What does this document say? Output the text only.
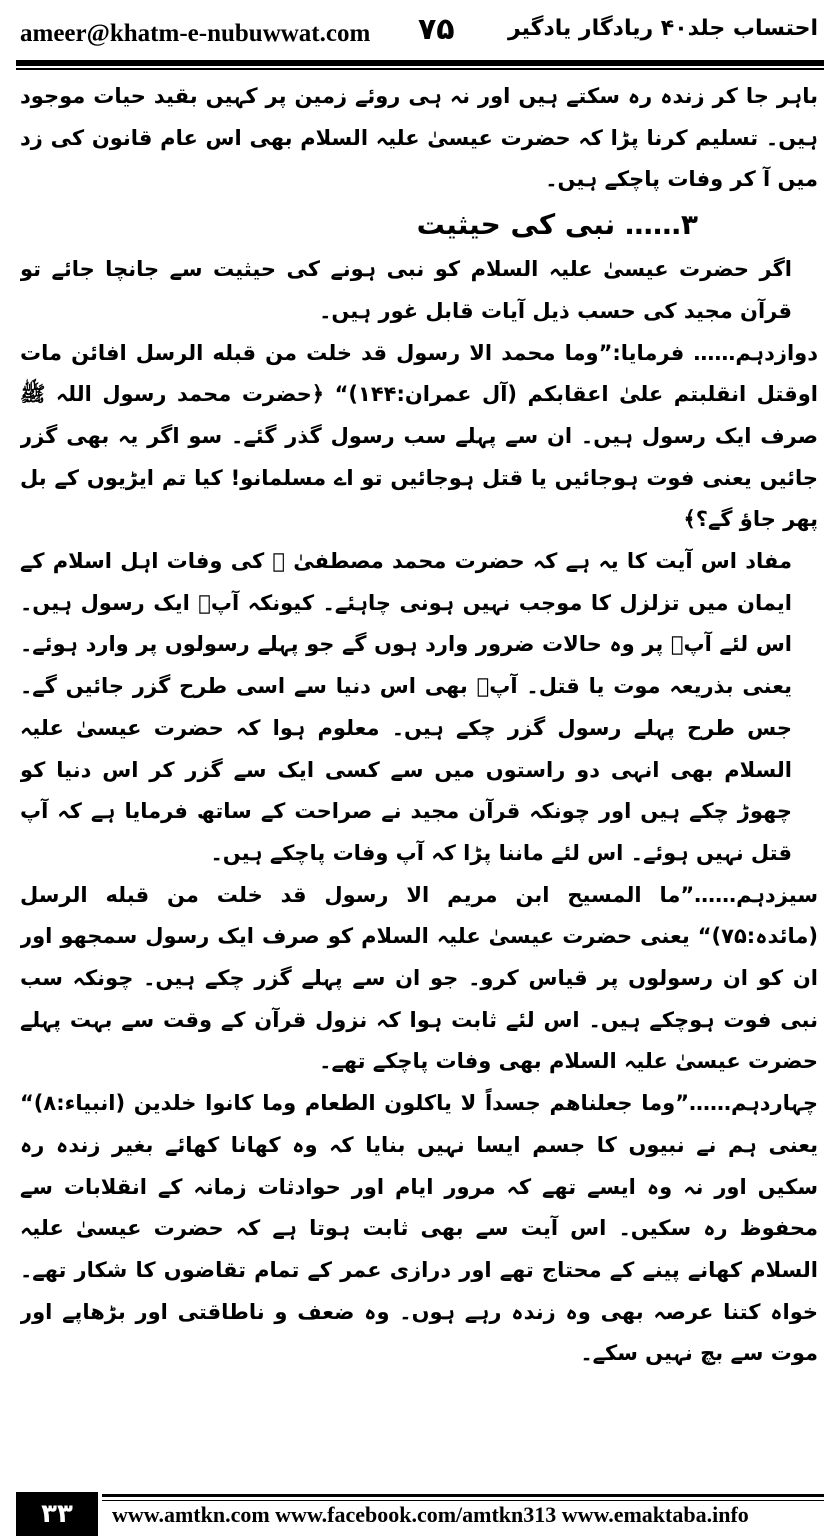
ameer@khatm-e-nubuwwat.com ۷۵ احتساب جلد۴۰ ریادگار یادگیر

باہر جا کر زندہ رہ سکتے ہیں اور نہ ہی روئے زمین پر کہیں بقید حیات موجود ہیں۔ تسلیم کرنا پڑا کہ حضرت عیسیٰ علیہ السلام بھی اس عام قانون کی زد میں آ کر وفات پاچکے ہیں۔

۳…… نبی کی حیثیت

اگر حضرت عیسیٰ علیہ السلام کو نبی ہونے کی حیثیت سے جانچا جائے تو قرآن مجید کی حسب ذیل آیات قابل غور ہیں۔

دوازدہم…… فرمایا:”وما محمد الا رسول قد خلت من قبله الرسل افائن مات اوقتل انقلبتم علیٰ اعقابکم (آل عمران:۱۴۴)“ ﴿حضرت محمد رسول اللہ ﷺ صرف ایک رسول ہیں۔ ان سے پہلے سب رسول گذر گئے۔ سو اگر یہ بھی گزر جائیں یعنی فوت ہوجائیں یا قتل ہوجائیں تو اے مسلمانو! کیا تم ایڑیوں کے بل پھر جاؤ گے؟﴾

مفاد اس آیت کا یہ ہے کہ حضرت محمد مصطفیٰ ﷺ کی وفات اہل اسلام کے ایمان میں تزلزل کا موجب نہیں ہونی چاہئے۔ کیونکہ آپؐ ایک رسول ہیں۔ اس لئے آپؐ پر وہ حالات ضرور وارد ہوں گے جو پہلے رسولوں پر وارد ہوئے۔ یعنی بذریعہ موت یا قتل۔ آپؐ بھی اس دنیا سے اسی طرح گزر جائیں گے۔ جس طرح پہلے رسول گزر چکے ہیں۔ معلوم ہوا کہ حضرت عیسیٰ علیہ السلام بھی انہی دو راستوں میں سے کسی ایک سے گزر کر اس دنیا کو چھوڑ چکے ہیں اور چونکہ قرآن مجید نے صراحت کے ساتھ فرمایا ہے کہ آپ قتل نہیں ہوئے۔ اس لئے ماننا پڑا کہ آپ وفات پاچکے ہیں۔

سیزدہم……”ما المسیح ابن مریم الا رسول قد خلت من قبله الرسل (مائدہ:۷۵)“ یعنی حضرت عیسیٰ علیہ السلام کو صرف ایک رسول سمجھو اور ان کو ان رسولوں پر قیاس کرو۔ جو ان سے پہلے گزر چکے ہیں۔ چونکہ سب نبی فوت ہوچکے ہیں۔ اس لئے ثابت ہوا کہ نزول قرآن کے وقت سے بہت پہلے حضرت عیسیٰ علیہ السلام بھی وفات پاچکے تھے۔

چہاردہم……”وما جعلناھم جسداً لا یاکلون الطعام وما کانوا خلدین (انبیاء:۸)“ یعنی ہم نے نبیوں کا جسم ایسا نہیں بنایا کہ وہ کھانا کھائے بغیر زندہ رہ سکیں اور نہ وہ ایسے تھے کہ مرور ایام اور حوادثات زمانہ کے انقلابات سے محفوظ رہ سکیں۔ اس آیت سے بھی ثابت ہوتا ہے کہ حضرت عیسیٰ علیہ السلام کھانے پینے کے محتاج تھے اور درازی عمر کے تمام تقاضوں کا شکار تھے۔ خواہ کتنا عرصہ بھی وہ زندہ رہے ہوں۔ وہ ضعف و ناطاقتی اور بڑھاپے اور موت سے بچ نہیں سکے۔

۳۳	www.amtkn.com www.facebook.com/amtkn313 www.emaktaba.info
